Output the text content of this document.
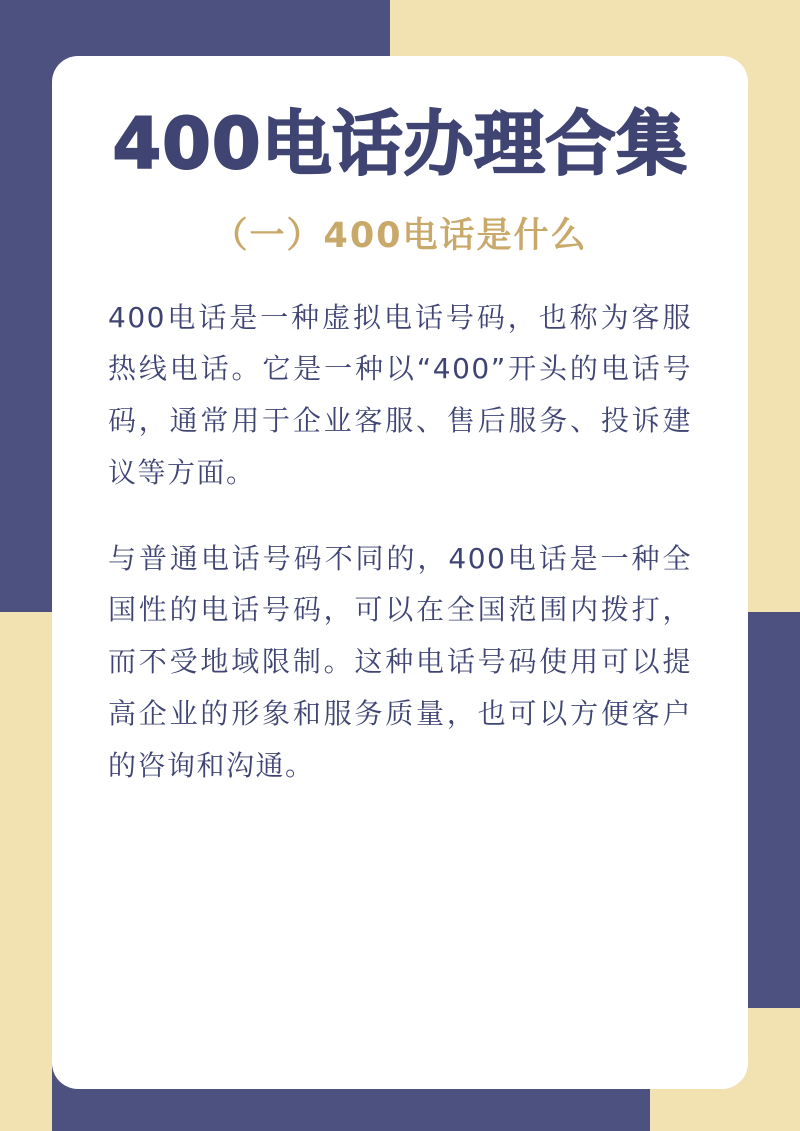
400电话办理合集
（一）400电话是什么

400电话是一种虚拟电话号码，也称为客服热线电话。它是一种以“400”开头的电话号码，通常用于企业客服、售后服务、投诉建议等方面。

与普通电话号码不同的，400电话是一种全国性的电话号码，可以在全国范围内拨打，而不受地域限制。这种电话号码使用可以提高企业的形象和服务质量，也可以方便客户的咨询和沟通。
